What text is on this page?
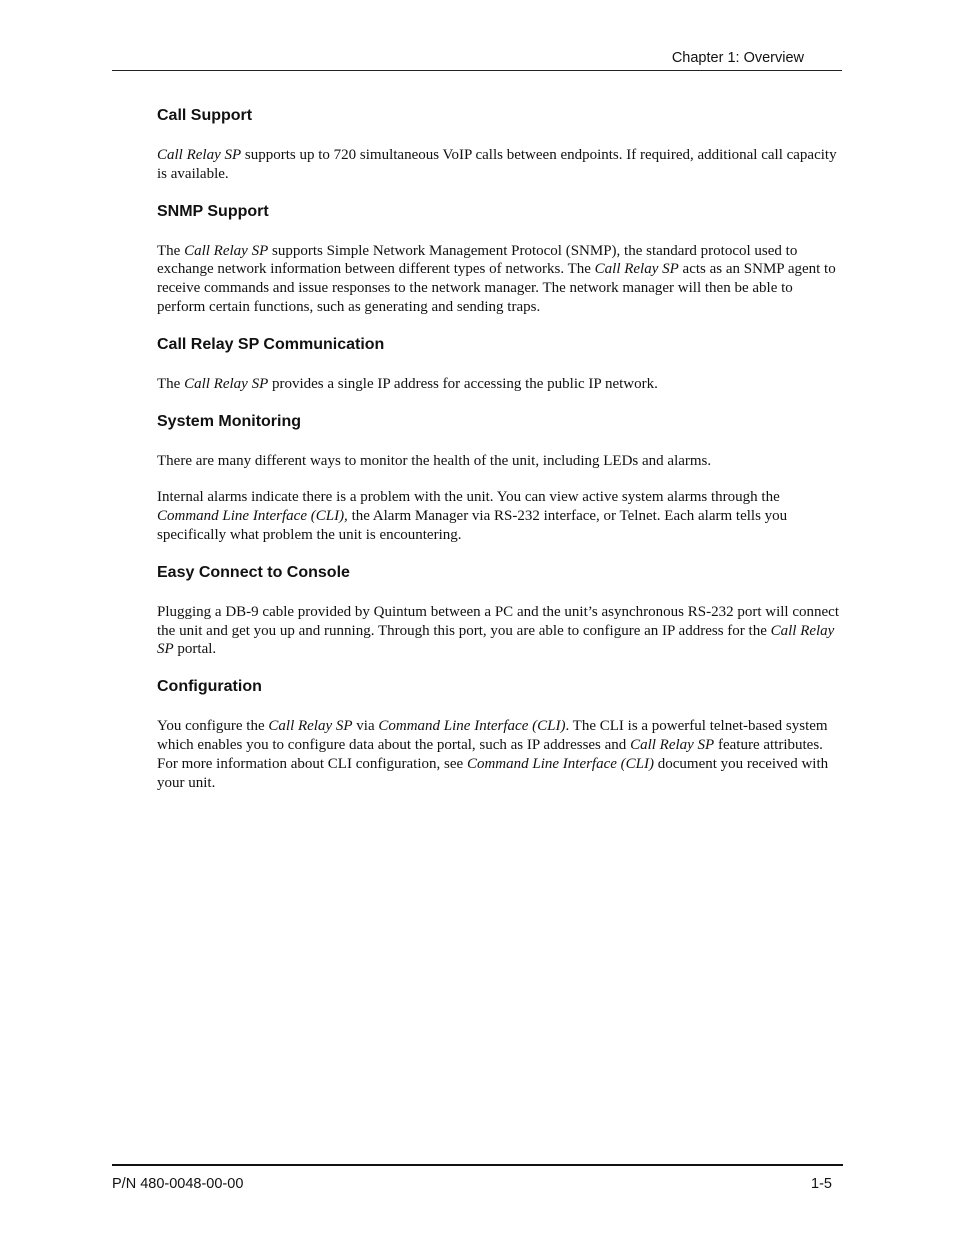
Chapter 1: Overview
Call Support

Call Relay SP supports up to 720 simultaneous VoIP calls between endpoints. If required, additional call capacity is available.

SNMP Support

The Call Relay SP supports Simple Network Management Protocol (SNMP), the standard protocol used to exchange network information between different types of networks. The Call Relay SP acts as an SNMP agent to receive commands and issue responses to the network manager. The network manager will then be able to perform certain functions, such as generating and sending traps.

Call Relay SP Communication

The Call Relay SP provides a single IP address for accessing the public IP network.

System Monitoring

There are many different ways to monitor the health of the unit, including LEDs and alarms.

Internal alarms indicate there is a problem with the unit. You can view active system alarms through the Command Line Interface (CLI), the Alarm Manager via RS-232 interface, or Telnet. Each alarm tells you specifically what problem the unit is encountering.

Easy Connect to Console

Plugging a DB-9 cable provided by Quintum between a PC and the unit’s asynchronous RS-232 port will connect the unit and get you up and running. Through this port, you are able to configure an IP address for the Call Relay SP portal.

Configuration

You configure the Call Relay SP via Command Line Interface (CLI). The CLI is a powerful telnet-based system which enables you to configure data about the portal, such as IP addresses and Call Relay SP feature attributes. For more information about CLI configuration, see Command Line Interface (CLI) document you received with your unit.

P/N 480-0048-00-00	1-5
